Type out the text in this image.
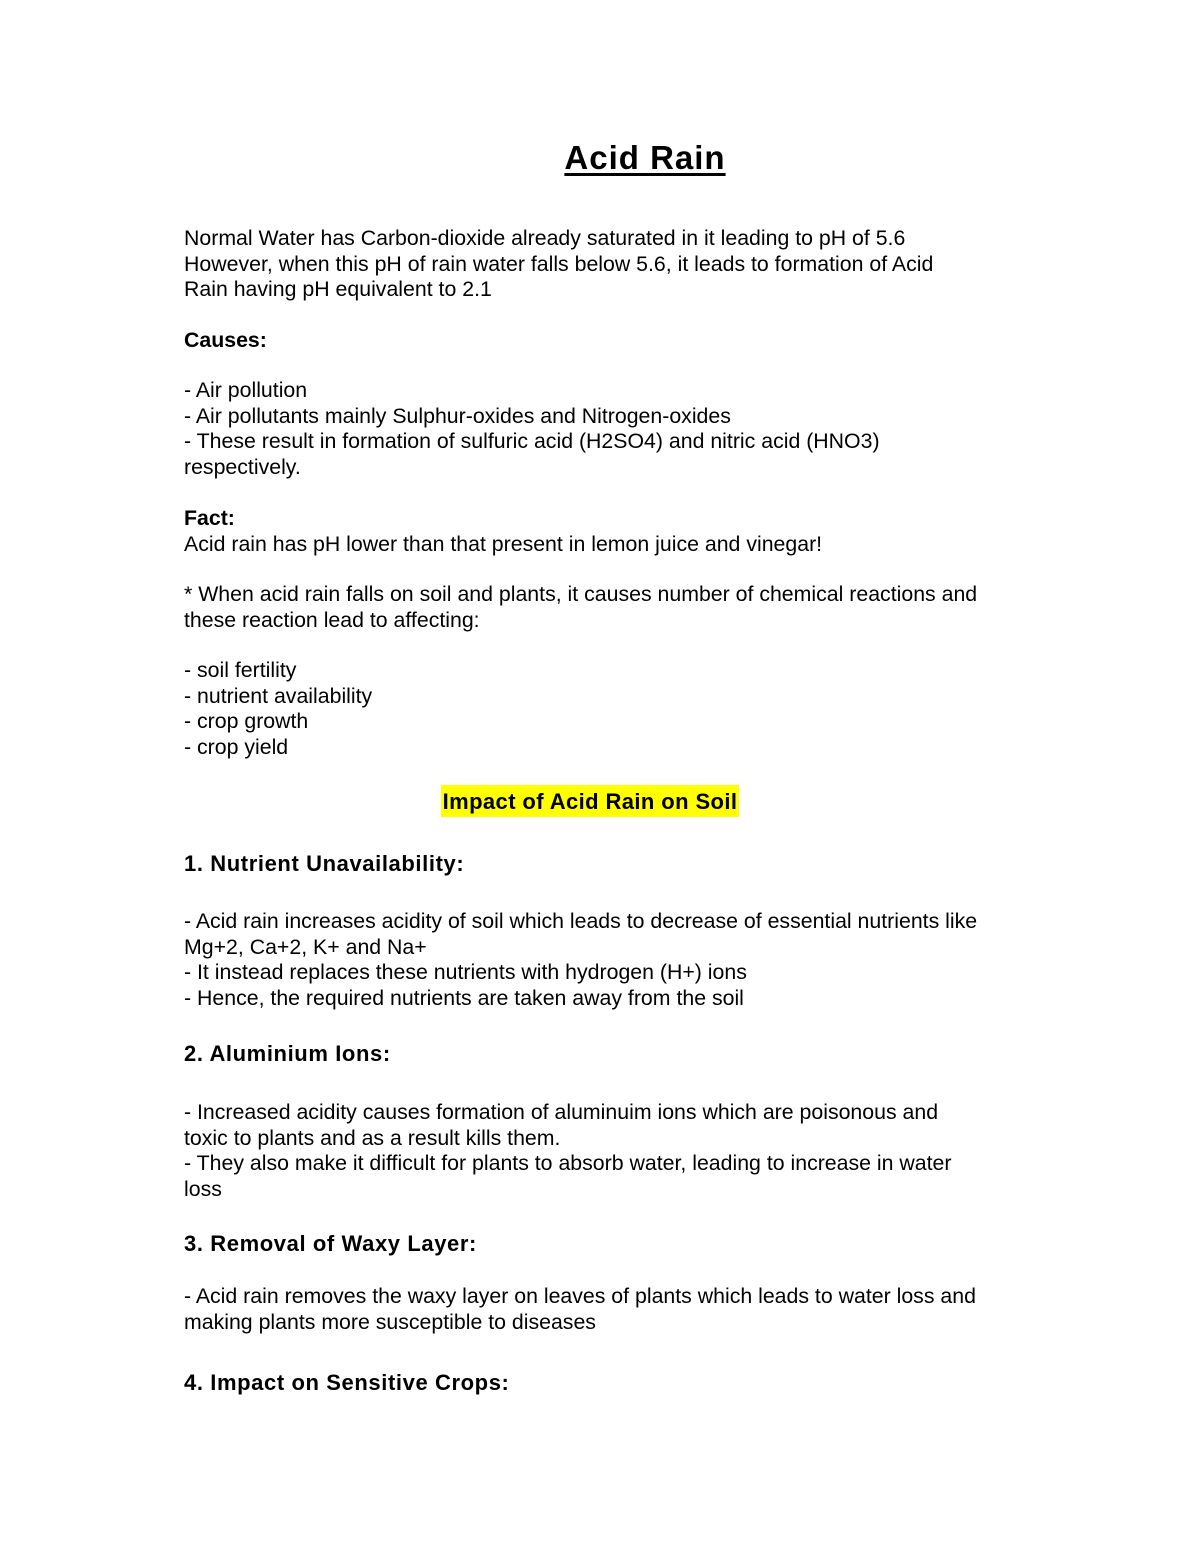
Acid Rain
Normal Water has Carbon-dioxide already saturated in it leading to pH of 5.6
However, when this pH of rain water falls below 5.6, it leads to formation of Acid
Rain having pH equivalent to 2.1
Causes:
- Air pollution
- Air pollutants mainly Sulphur-oxides and Nitrogen-oxides
- These result in formation of sulfuric acid (H2SO4) and nitric acid (HNO3)
respectively.
Fact:
Acid rain has pH lower than that present in lemon juice and vinegar!
* When acid rain falls on soil and plants, it causes number of chemical reactions and
these reaction lead to affecting:
- soil fertility
- nutrient availability
- crop growth
- crop yield
Impact of Acid Rain on Soil
1. Nutrient Unavailability:
- Acid rain increases acidity of soil which leads to decrease of essential nutrients like
Mg+2, Ca+2, K+ and Na+
- It instead replaces these nutrients with hydrogen (H+) ions
- Hence, the required nutrients are taken away from the soil
2. Aluminium Ions:
- Increased acidity causes formation of aluminuim ions which are poisonous and
toxic to plants and as a result kills them.
- They also make it difficult for plants to absorb water, leading to increase in water
loss
3. Removal of Waxy Layer:
- Acid rain removes the waxy layer on leaves of plants which leads to water loss and
making plants more susceptible to diseases
4. Impact on Sensitive Crops:
